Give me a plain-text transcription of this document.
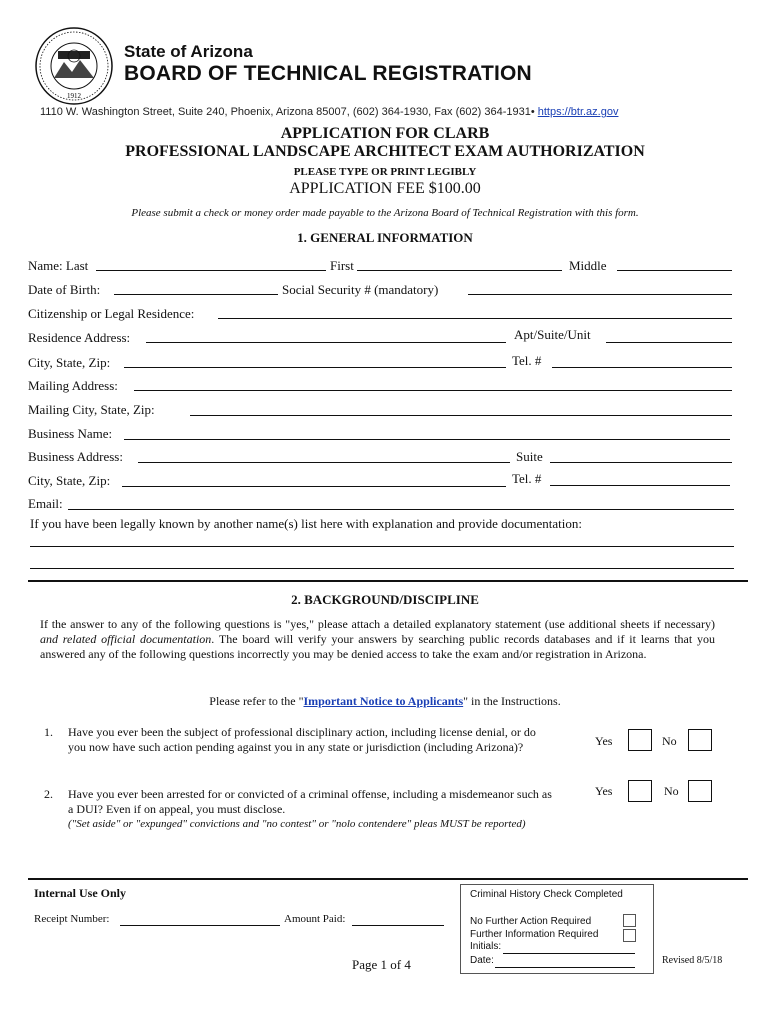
1912
State of Arizona
BOARD OF TECHNICAL REGISTRATION
1110 W. Washington Street, Suite 240, Phoenix, Arizona 85007, (602) 364-1930, Fax (602) 364-1931• https://btr.az.gov
APPLICATION FOR CLARB
PROFESSIONAL LANDSCAPE ARCHITECT EXAM AUTHORIZATION
PLEASE TYPE OR PRINT LEGIBLY
APPLICATION FEE $100.00
Please submit a check or money order made payable to the Arizona Board of Technical Registration with this form.
1. GENERAL INFORMATION
Name: Last	First	Middle
Date of Birth:	Social Security # (mandatory)
Citizenship or Legal Residence:
Residence Address:	Apt/Suite/Unit
City, State, Zip:	Tel. #
Mailing Address:
Mailing City, State, Zip:
Business Name:
Business Address:	Suite
City, State, Zip:	Tel. #
Email:
If you have been legally known by another name(s) list here with explanation and provide documentation:
2. BACKGROUND/DISCIPLINE
If the answer to any of the following questions is "yes," please attach a detailed explanatory statement (use additional sheets if necessary) and related official documentation. The board will verify your answers by searching public records databases and if it learns that you answered any of the following questions incorrectly you may be denied access to take the exam and/or registration in Arizona.
Please refer to the "Important Notice to Applicants" in the Instructions.
1. Have you ever been the subject of professional disciplinary action, including license denial, or do you now have such action pending against you in any state or jurisdiction (including Arizona)?	Yes	No
2. Have you ever been arrested for or convicted of a criminal offense, including a misdemeanor such as a DUI? Even if on appeal, you must disclose.
("Set aside" or "expunged" convictions and "no contest" or "nolo contendere" pleas MUST be reported)
Yes	No
Internal Use Only
Receipt Number:	Amount Paid:
Criminal History Check Completed
No Further Action Required
Further Information Required
Initials:
Date:
Page 1 of 4	Revised 8/5/18
